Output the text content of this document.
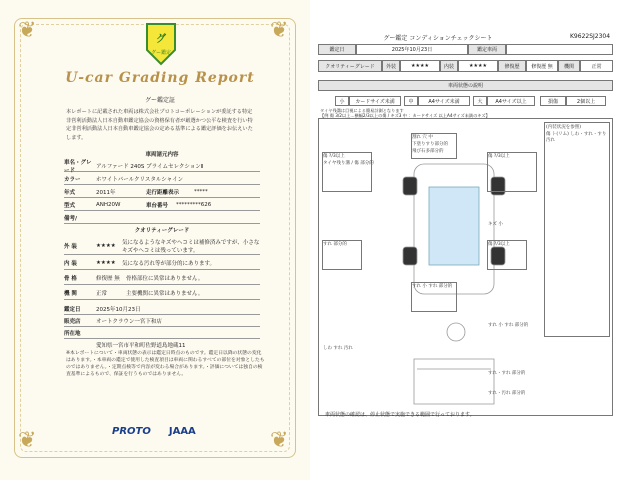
❦	❦
❦	❦
グ
グー鑑定
U-car Grading Report
グー鑑定証
本レポートに記載された車両は株式会社プロトコーポレーションが委託する特定非営利活動法人日本自動車鑑定協会の資格保有者が厳選かつ公平な検査を行い特定非営利活動法人日本自動車鑑定協会の定める基準による鑑定評価をお伝えいたします。
車両諸元内容
車名・グレード
アルファード 240S プライムセレクションⅡ
カラー	ホワイトパールクリスタルシャイン
年式	2011年	走行距離表示	*****
型式	ANH20W	車台番号	*********626
備考/
クオリティーグレード
外 装	★★★★	気になるようなキズやヘコミは補修済みですが、小さなキズやヘコミは残っています。
内 装	★★★★	気になる汚れ等が部分的にあります。
骨 格	修復歴 無	骨格部位に異常はありません。
機 関	正常	主要機関に異常はありません。
鑑定日	2025年10月23日
販売店	オートクラウン一宮下和店
所在地
愛知県一宮市平和町佐野道島地蔵11
※本レポートについて・車両状態の表示は鑑定日時点のものです。鑑定日以降の状態の変化はあります。・本車両の鑑定で使用した検査項目は車両に関わるすべての部位を対象としたものではありません。・定期点検等で内容が変わる場合があります。・評価については独自の検査基準によるもので、保証を行うものではありません。
PROTO JAAA
グー鑑定 コンディションチェックシート	K9622SJ2304
鑑定日	2025年10月23日	鑑定車両
クオリティーグレード	外装	★★★★	内装	★★★★	修復歴	修復歴 無	機関	正常
車両状態の説明
小	カードサイズ未満	中	A4サイズ未満	大	A4サイズ以上	損傷	2個以上
タイヤ残溝は目視による簡易計測となります
【例 傷 3/2以上…横幅2/3以上の傷 / キズ3 中 ：カードサイズ 以上A4サイズ未満のキズ】
割れ 穴 中
下塗りすり部分的
飛び石多部分的
傷 ?/3以上
タイヤ残り溝 / 傷 部分的
傷 ?/3以上
キズ 小
すれ 部分的	傷 ?/3以上
すれ 小 すれ 部分的
すれ 小 すれ 部分的
しわ すれ 汚れ
(内装状況を参照)
傷 ト(リム) しわ・すれ・すり 汚れ
すれ・すれ 部分的
すれ・汚れ 部分的
車両状態の確認は、停止状態で実施できる範囲で行っております。
